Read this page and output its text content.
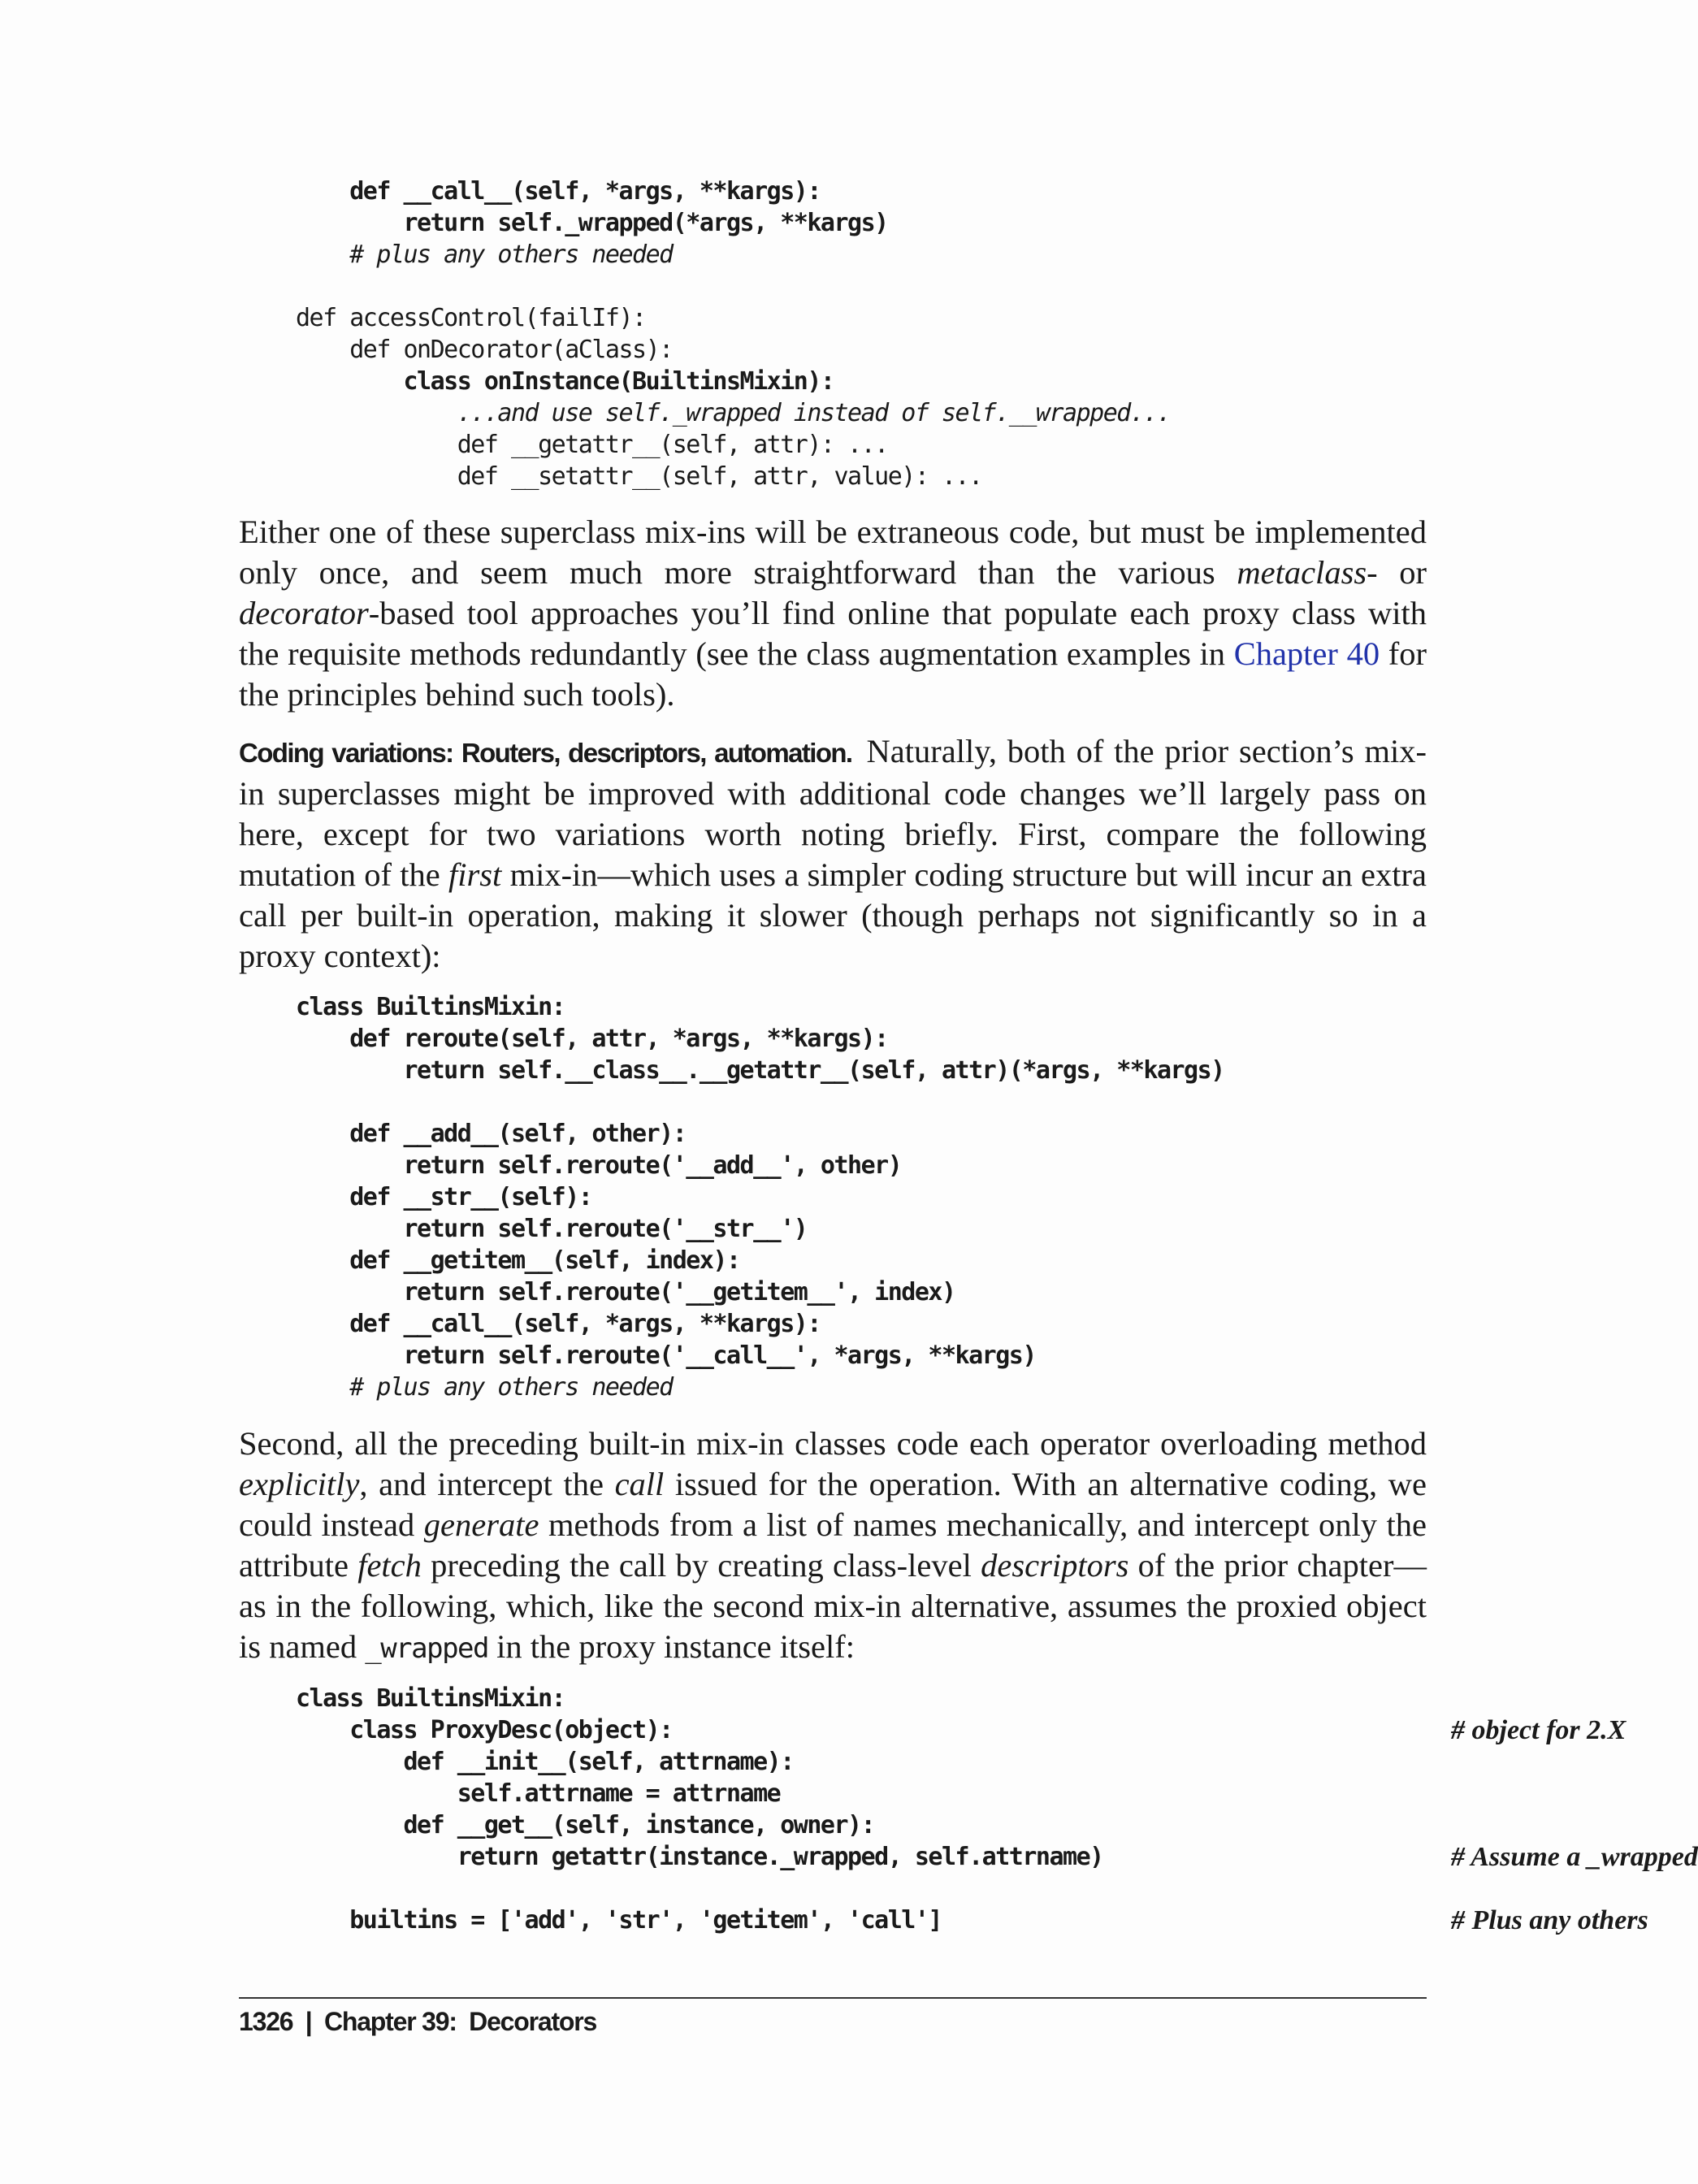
def __call__(self, *args, **kargs):
return self._wrapped(*args, **kargs)
# plus any others needed
def accessControl(failIf):
def onDecorator(aClass):
class onInstance(BuiltinsMixin):
...and use self._wrapped instead of self.__wrapped...
def __getattr__(self, attr): ...
def __setattr__(self, attr, value): ...

Either one of these superclass mix-ins will be extraneous code, but must be implemented only once, and seem much more straightforward than the various metaclass- or decorator-based tool approaches you’ll find online that populate each proxy class with the requisite methods redundantly (see the class augmentation examples in Chapter 40 for the principles behind such tools).

Coding variations: Routers, descriptors, automation. Naturally, both of the prior section’s mix-in superclasses might be improved with additional code changes we’ll largely pass on here, except for two variations worth noting briefly. First, compare the following mutation of the first mix-in—which uses a simpler coding structure but will incur an extra call per built-in operation, making it slower (though perhaps not significantly so in a proxy context):

class BuiltinsMixin:
def reroute(self, attr, *args, **kargs):
return self.__class__.__getattr__(self, attr)(*args, **kargs)
def __add__(self, other):
return self.reroute('__add__', other)
def __str__(self):
return self.reroute('__str__')
def __getitem__(self, index):
return self.reroute('__getitem__', index)
def __call__(self, *args, **kargs):
return self.reroute('__call__', *args, **kargs)
# plus any others needed

Second, all the preceding built-in mix-in classes code each operator overloading method explicitly, and intercept the call issued for the operation. With an alternative coding, we could instead generate methods from a list of names mechanically, and intercept only the attribute fetch preceding the call by creating class-level descriptors of the prior chapter—as in the following, which, like the second mix-in alternative, assumes the proxied object is named _wrapped in the proxy instance itself:

class BuiltinsMixin:
class ProxyDesc(object):	# object for 2.X
def __init__(self, attrname):
self.attrname = attrname
def __get__(self, instance, owner):
return getattr(instance._wrapped, self.attrname)	# Assume a _wrapped
builtins = ['add', 'str', 'getitem', 'call']	# Plus any others
1326 | Chapter 39:  Decorators
